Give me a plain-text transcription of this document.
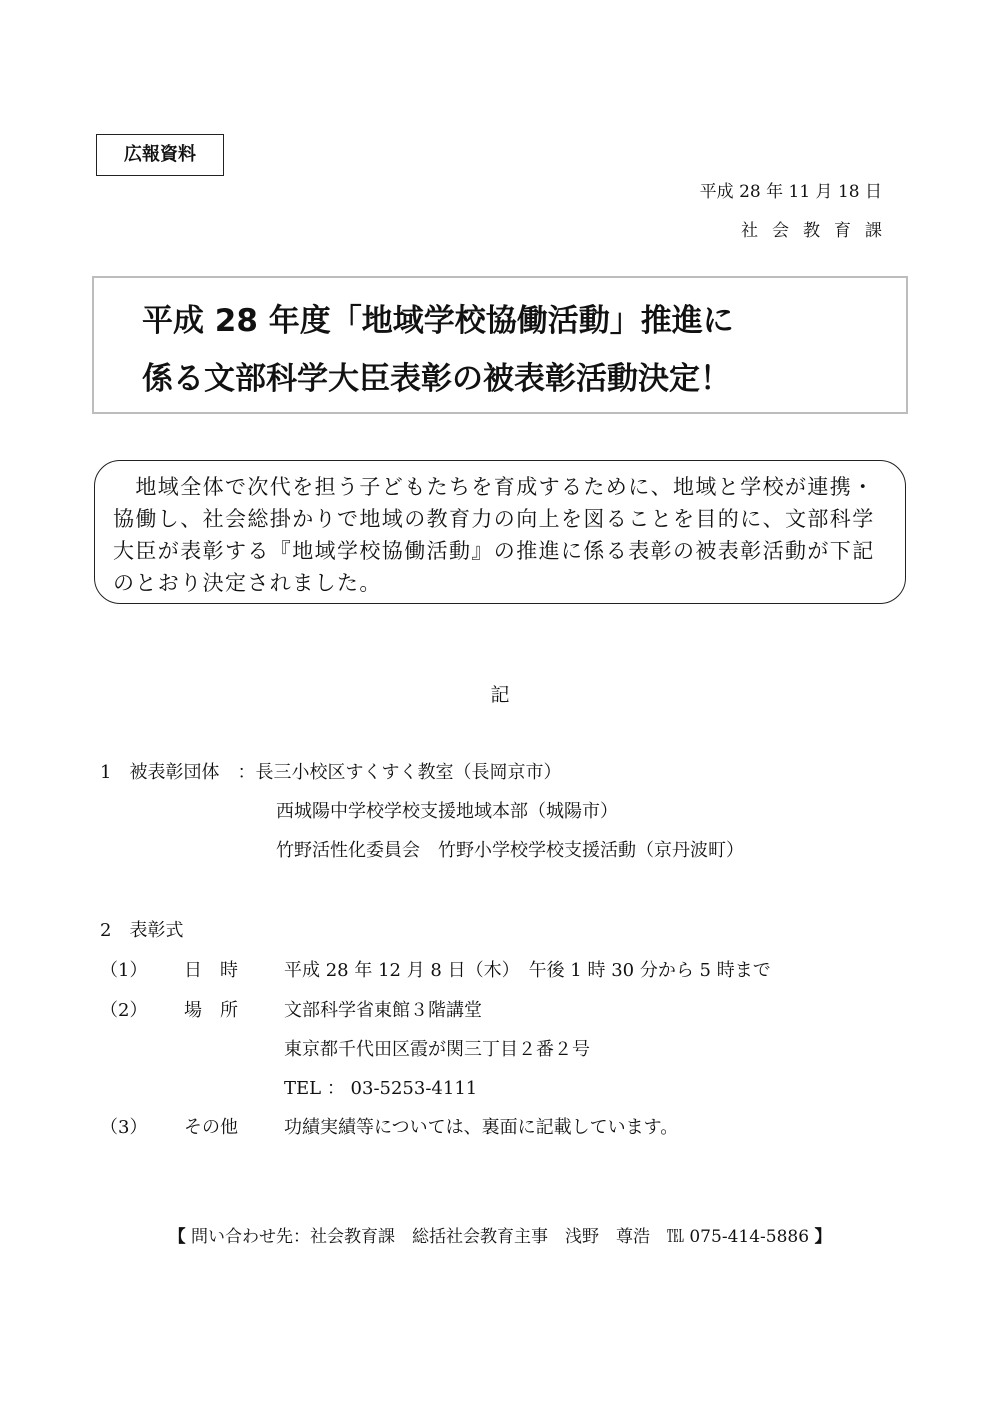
広報資料
平成 28 年 11 月 18 日
社会教育課
平成 28 年度「地域学校協働活動」推進に
係る文部科学大臣表彰の被表彰活動決定！
　地域全体で次代を担う子どもたちを育成するために、地域と学校が連携・協働し、社会総掛かりで地域の教育力の向上を図ることを目的に、文部科学大臣が表彰する『地域学校協働活動』の推進に係る表彰の被表彰活動が下記のとおり決定されました。
記
1　被表彰団体　：長三小校区すくすく教室（長岡京市）
西城陽中学校学校支援地域本部（城陽市）
竹野活性化委員会　竹野小学校学校支援活動（京丹波町）
2　表彰式
（1） 日　時	平成 28 年 12 月 8 日（木）　午後 1 時 30 分から 5 時まで
（2） 場　所	文部科学省東館３階講堂
東京都千代田区霞が関三丁目２番２号
TEL ： 03-5253-4111
（3） その他	功績実績等については、裏面に記載しています。
【 問い合わせ先：社会教育課　総括社会教育主事　浅野　尊浩　℡ 075-414-5886 】
